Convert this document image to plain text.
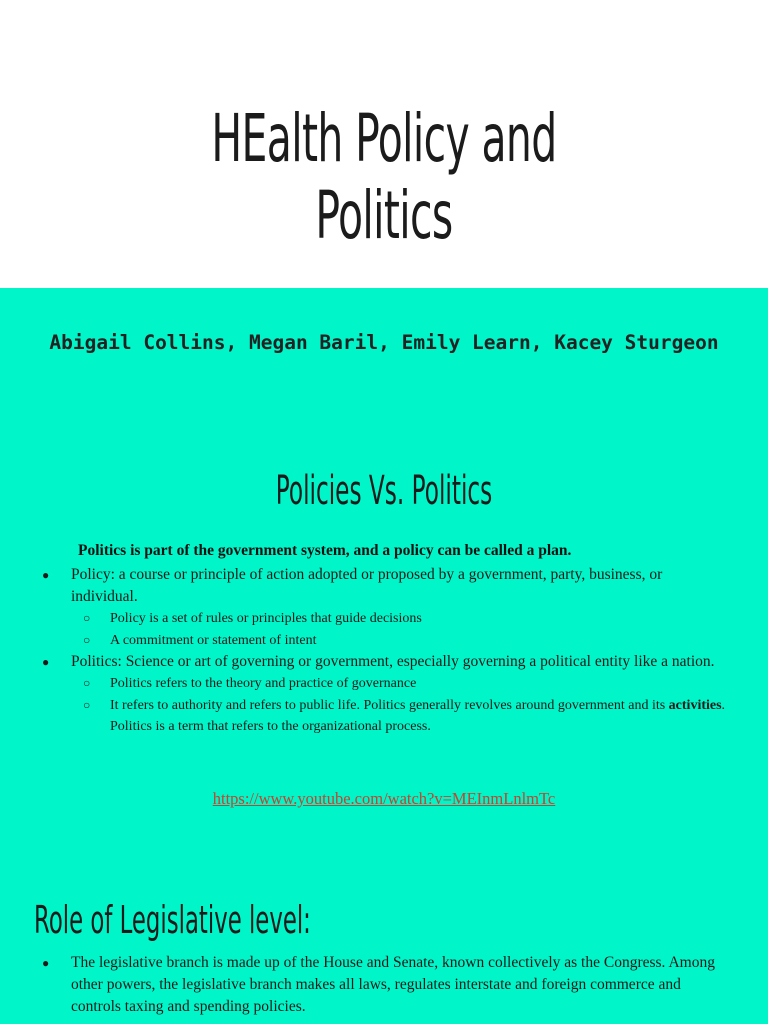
HEalth Policy and Politics

Abigail Collins, Megan Baril, Emily Learn, Kacey Sturgeon

Policies Vs. Politics

Politics is part of the government system, and a policy can be called a plan.

● Policy: a course or principle of action adopted or proposed by a government, party, business, or individual.
○ Policy is a set of rules or principles that guide decisions
○ A commitment or statement of intent
● Politics: Science or art of governing or government, especially governing a political entity like a nation.
○ Politics refers to the theory and practice of governance
○ It refers to authority and refers to public life. Politics generally revolves around government and its activities. Politics is a term that refers to the organizational process.
https://www.youtube.com/watch?v=MEInmLnlmTc
Role of Legislative level:
● The legislative branch is made up of the House and Senate, known collectively as the Congress. Among other powers, the legislative branch makes all laws, regulates interstate and foreign commerce and controls taxing and spending policies.
